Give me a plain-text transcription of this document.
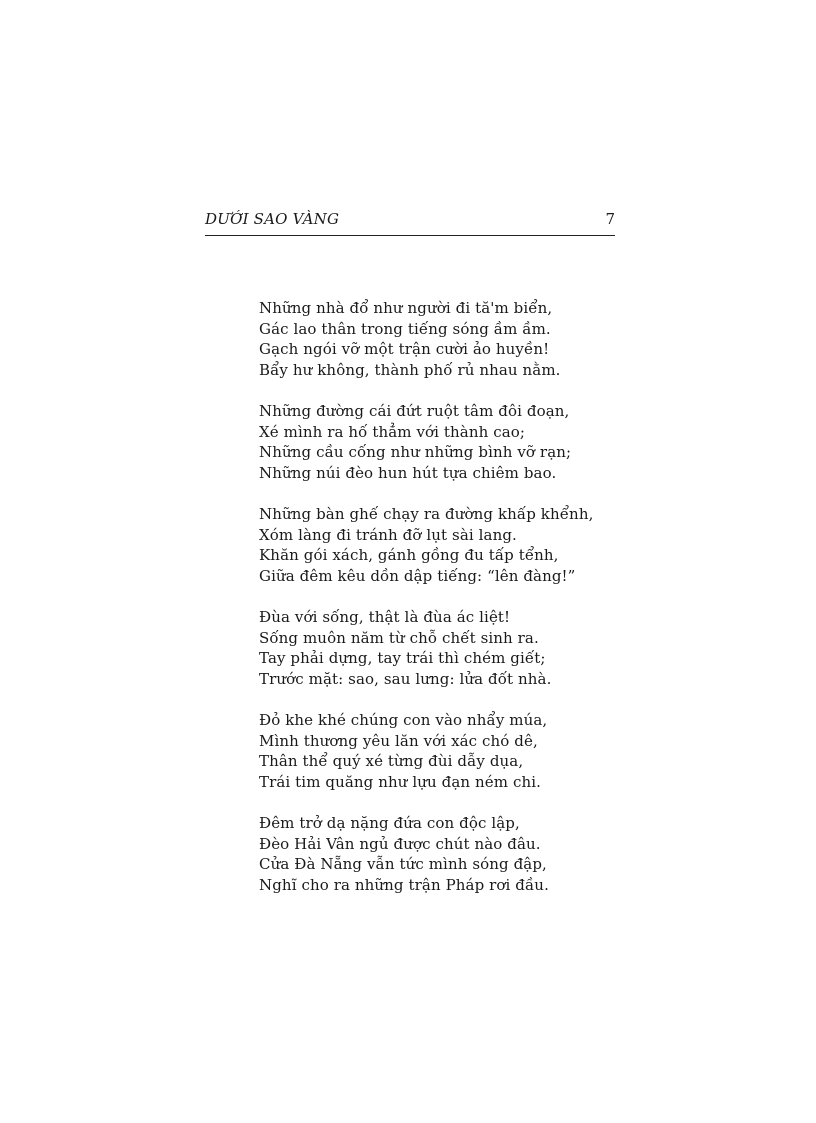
DƯỚI SAO VÀNG	7
Những nhà đổ như người đi tă'm biển,
Gác lao thân trong tiếng sóng ầm ầm.
Gạch ngói vỡ một trận cười ảo huyền!
Bẩy hư không, thành phố rủ nhau nằm.
Những đường cái đứt ruột tâm đôi đoạn,
Xé mình ra hố thẳm với thành cao;
Những cầu cống như những bình vỡ rạn;
Những núi đèo hun hút tựa chiêm bao.
Những bàn ghế chạy ra đường khấp khểnh,
Xóm làng đi tránh đỡ lụt sài lang.
Khăn gói xách, gánh gồng đu tấp tểnh,
Giữa đêm kêu dồn dập tiếng: “lên đàng!”
Đùa với sống, thật là đùa ác liệt!
Sống muôn năm từ chỗ chết sinh ra.
Tay phải dựng, tay trái thì chém giết;
Trước mặt: sao, sau lưng: lửa đốt nhà.
Đỏ khe khé chúng con vào nhẩy múa,
Mình thương yêu lăn với xác chó dê,
Thân thể quý xé từng đùi dẫy dụa,
Trái tim quăng như lựu đạn ném chi.
Đêm trở dạ nặng đứa con độc lập,
Đèo Hải Vân ngủ được chút nào đâu.
Cửa Đà Nẵng vẫn tức mình sóng đập,
Nghĩ cho ra những trận Pháp rơi đầu.
